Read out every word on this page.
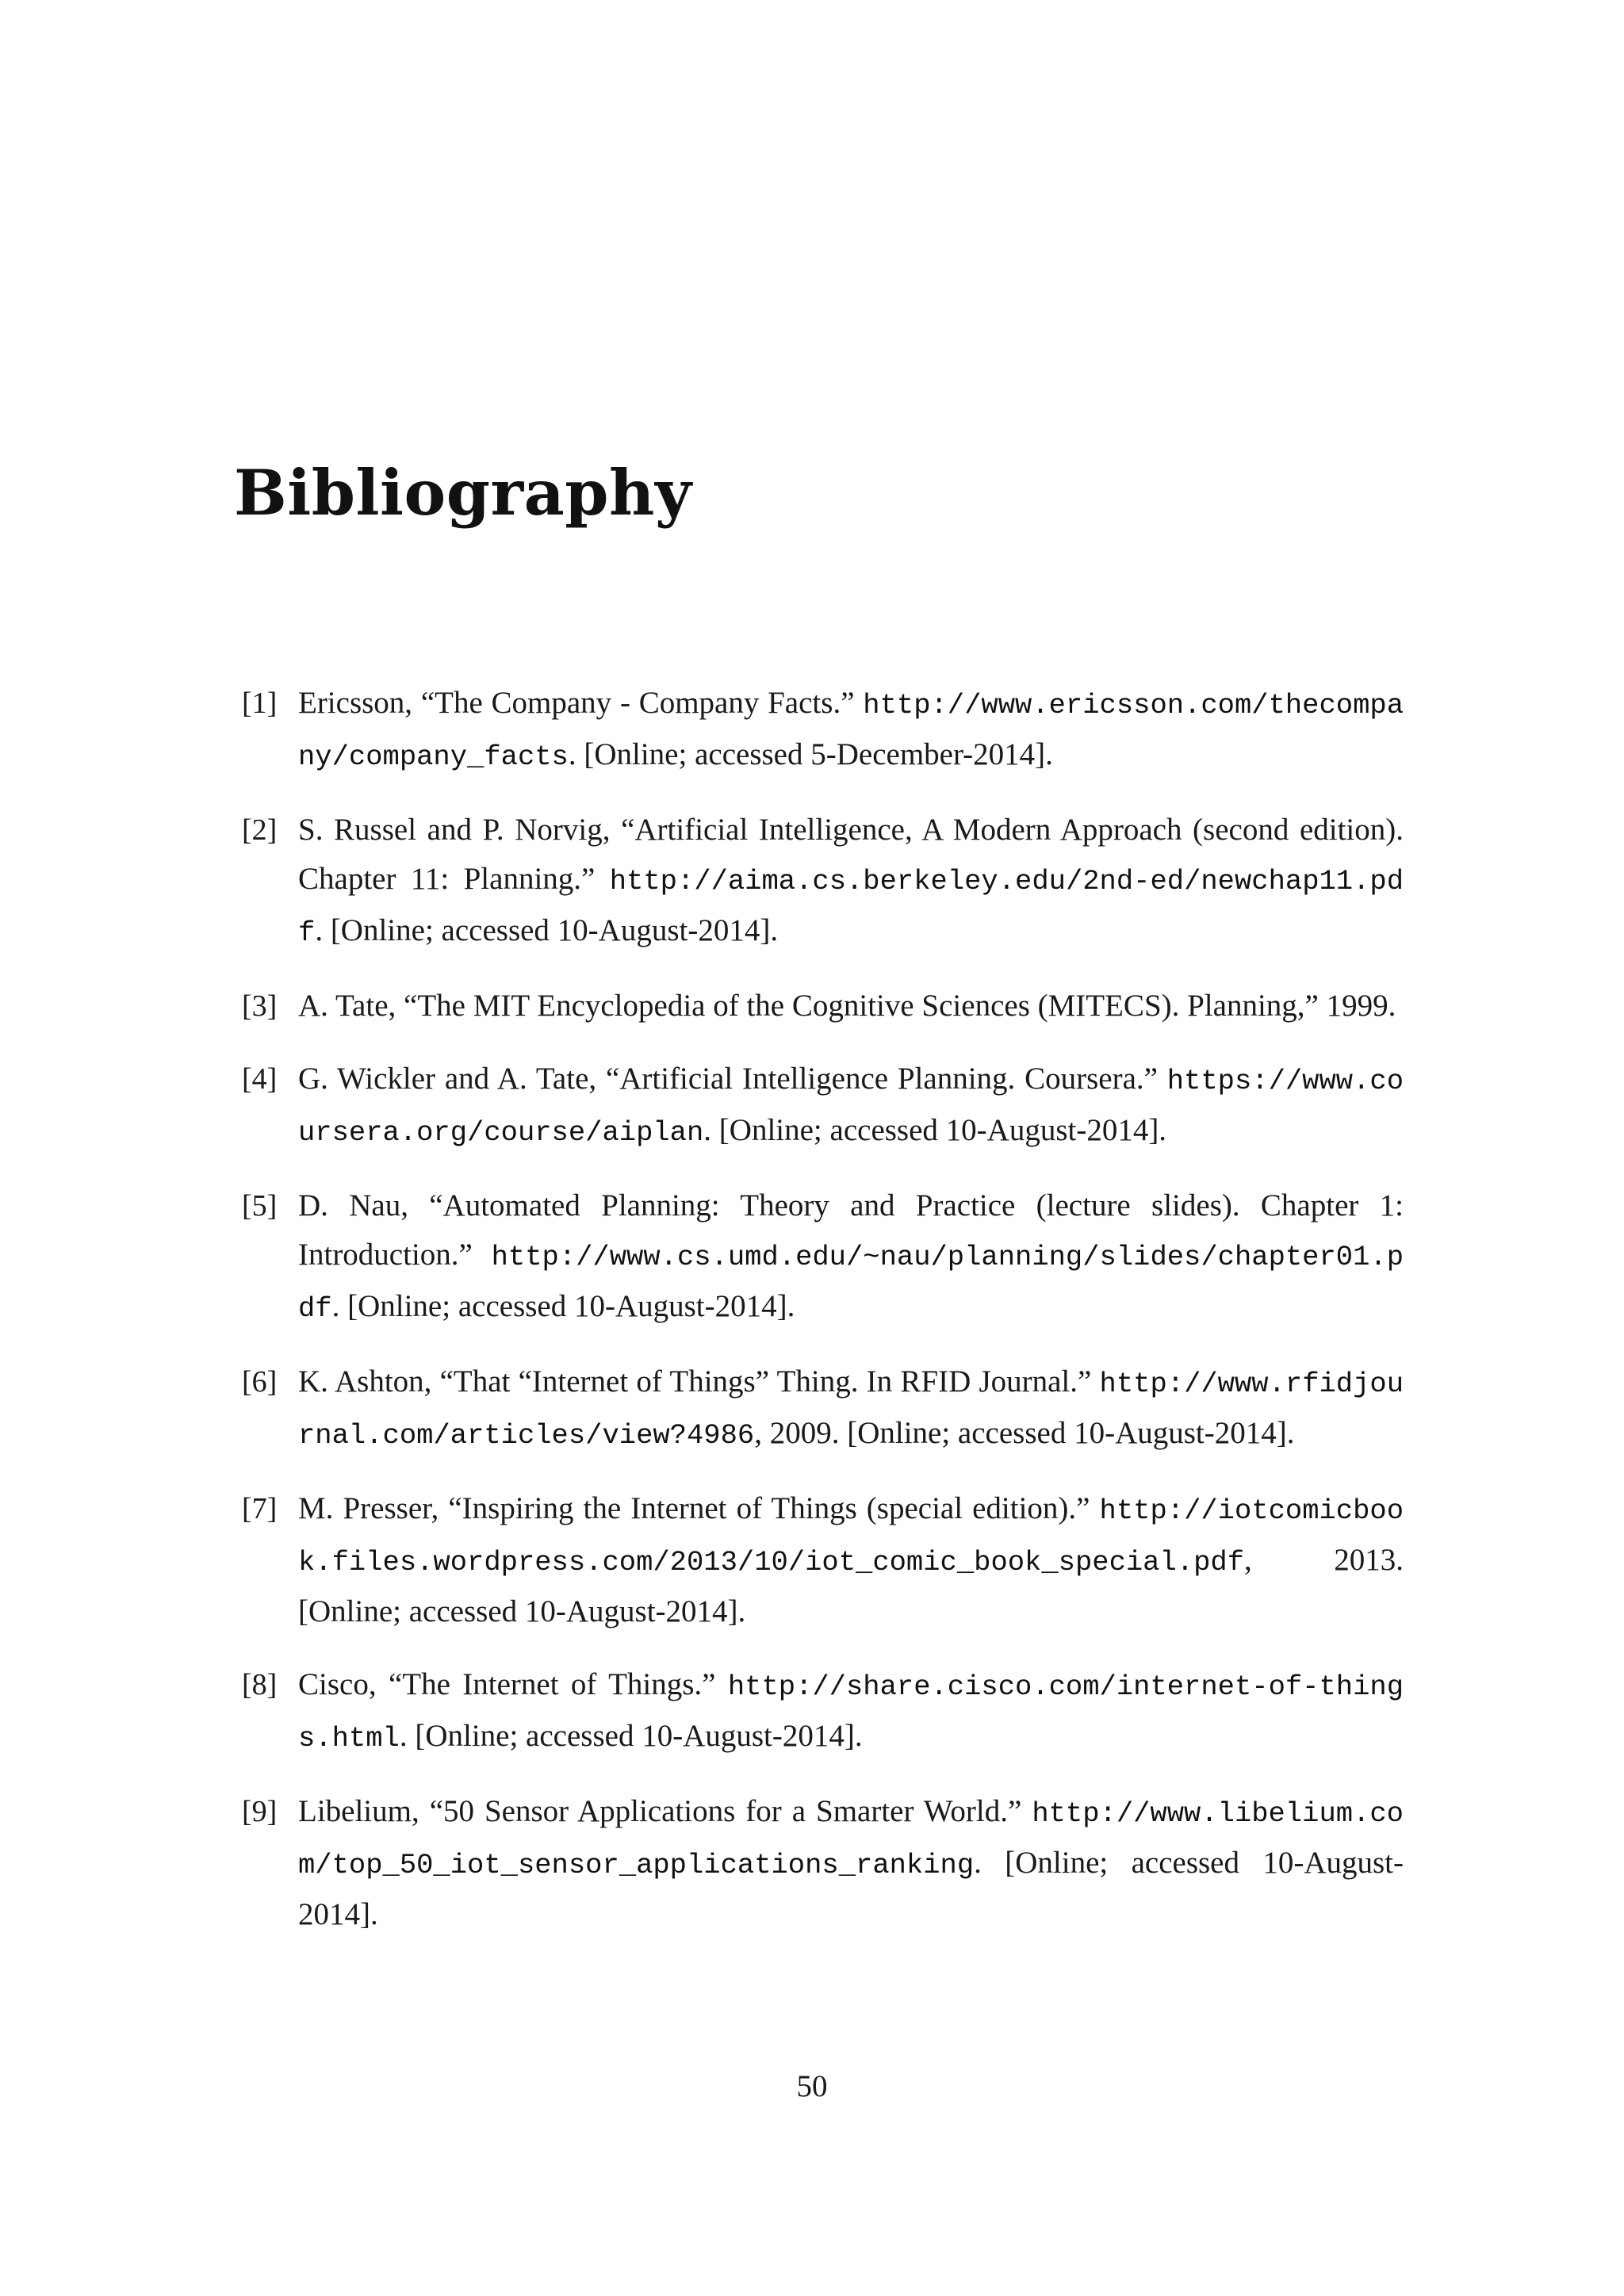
Bibliography
[1] Ericsson, “The Company - Company Facts.” http://www.ericsson.com/thecompany/company_facts. [Online; accessed 5-December-2014].
[2] S. Russel and P. Norvig, “Artificial Intelligence, A Modern Approach (second edition). Chapter 11: Planning.” http://aima.cs.berkeley.edu/2nd-ed/newchap11.pdf. [Online; accessed 10-August-2014].
[3] A. Tate, “The MIT Encyclopedia of the Cognitive Sciences (MITECS). Planning,” 1999.
[4] G. Wickler and A. Tate, “Artificial Intelligence Planning. Coursera.” https://www.coursera.org/course/aiplan. [Online; accessed 10-August-2014].
[5] D. Nau, “Automated Planning: Theory and Practice (lecture slides). Chapter 1: Introduction.” http://www.cs.umd.edu/~nau/planning/slides/chapter01.pdf. [Online; accessed 10-August-2014].
[6] K. Ashton, “That “Internet of Things” Thing. In RFID Journal.” http://www.rfidjournal.com/articles/view?4986, 2009. [Online; accessed 10-August-2014].
[7] M. Presser, “Inspiring the Internet of Things (special edition).” http://iotcomicbook.files.wordpress.com/2013/10/iot_comic_book_special.pdf, 2013. [Online; accessed 10-August-2014].
[8] Cisco, “The Internet of Things.” http://share.cisco.com/internet-of-things.html. [Online; accessed 10-August-2014].
[9] Libelium, “50 Sensor Applications for a Smarter World.” http://www.libelium.com/top_50_iot_sensor_applications_ranking. [Online; accessed 10-August-2014].
50
